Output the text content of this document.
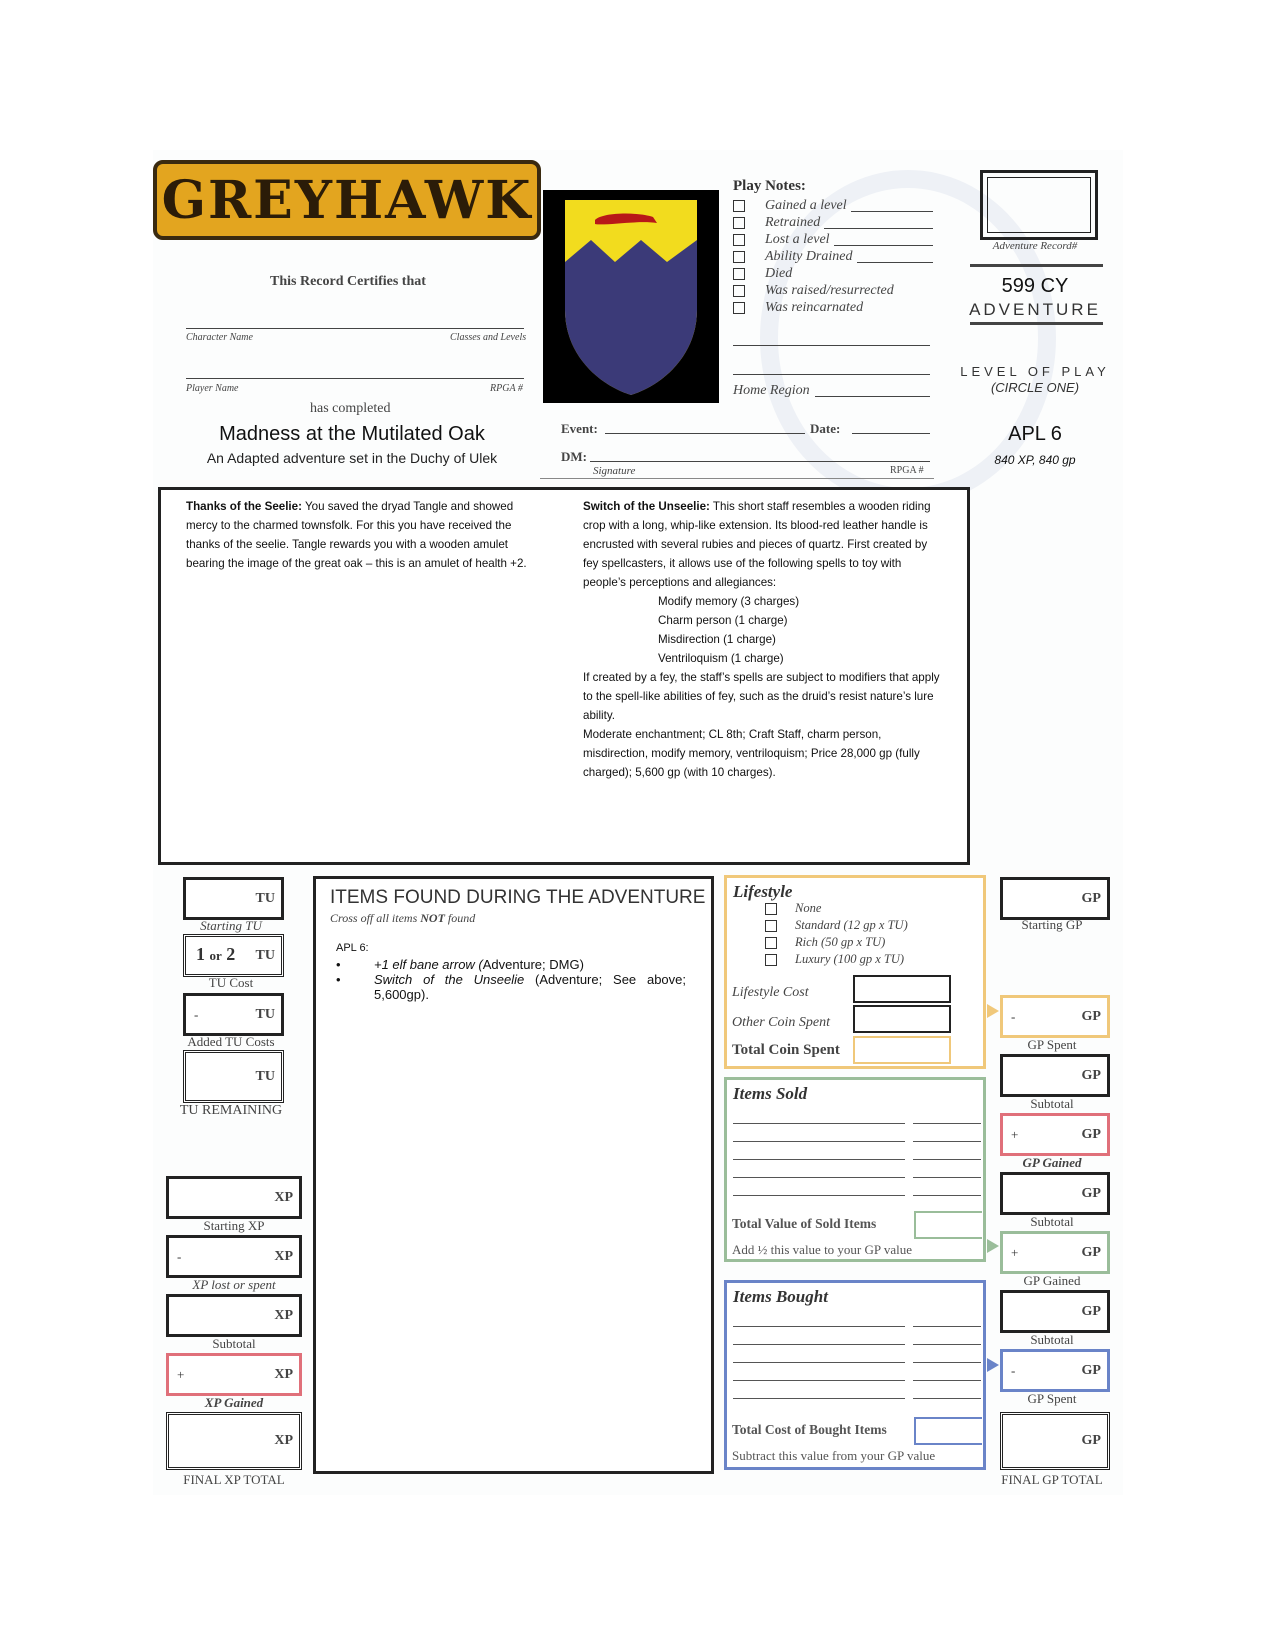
GREYHAWK
This Record Certifies that
Character Name	Classes and Levels
Player Name	RPGA #
has completed
Madness at the Mutilated Oak
An Adapted adventure set in the Duchy of Ulek
Play Notes:
Gained a level
Retrained
Lost a level
Ability Drained
Died
Was raised/resurrected
Was reincarnated
Home Region
Event:	Date:
DM:
Signature	RPGA #
Adventure Record#
599 CY
ADVENTURE
LEVEL OF PLAY
(CIRCLE ONE)
APL 6
840 XP, 840 gp
Thanks of the Seelie: You saved the dryad Tangle and showed mercy to the charmed townsfolk. For this you have received the thanks of the seelie. Tangle rewards you with a wooden amulet bearing the image of the great oak – this is an amulet of health +2.
Switch of the Unseelie: This short staff resembles a wooden riding crop with a long, whip-like extension. Its blood-red leather handle is encrusted with several rubies and pieces of quartz. First created by fey spellcasters, it allows use of the following spells to toy with people’s perceptions and allegiances:
Modify memory (3 charges)
Charm person (1 charge)
Misdirection (1 charge)
Ventriloquism (1 charge)
If created by a fey, the staff’s spells are subject to modifiers that apply to the spell-like abilities of fey, such as the druid’s resist nature’s lure ability.
Moderate enchantment; CL 8th; Craft Staff, charm person, misdirection, modify memory, ventriloquism; Price 28,000 gp (fully charged); 5,600 gp (with 10 charges).
TU
Starting TU
1 or 2 TU
TU Cost
-	TU
Added TU Costs
TU
TU REMAINING
XP
Starting XP
-	XP
XP lost or spent
XP
Subtotal
+	XP
XP Gained
XP
FINAL XP TOTAL
ITEMS FOUND DURING THE ADVENTURE
Cross off all items NOT found
APL 6:
•	+1 elf bane arrow (Adventure; DMG)
•	Switch of the Unseelie (Adventure; See above; 5,600gp).
Lifestyle
None
Standard (12 gp x TU)
Rich (50 gp x TU)
Luxury (100 gp x TU)
Lifestyle Cost
Other Coin Spent
Total Coin Spent
Items Sold
Total Value of Sold Items
Add ½ this value to your GP value
Items Bought
Total Cost of Bought Items
Subtract this value from your GP value
GP
Starting GP
-	GP
GP Spent
GP
Subtotal
+	GP
GP Gained
GP
Subtotal
+	GP
GP Gained
GP
Subtotal
-	GP
GP Spent
GP
FINAL GP TOTAL
